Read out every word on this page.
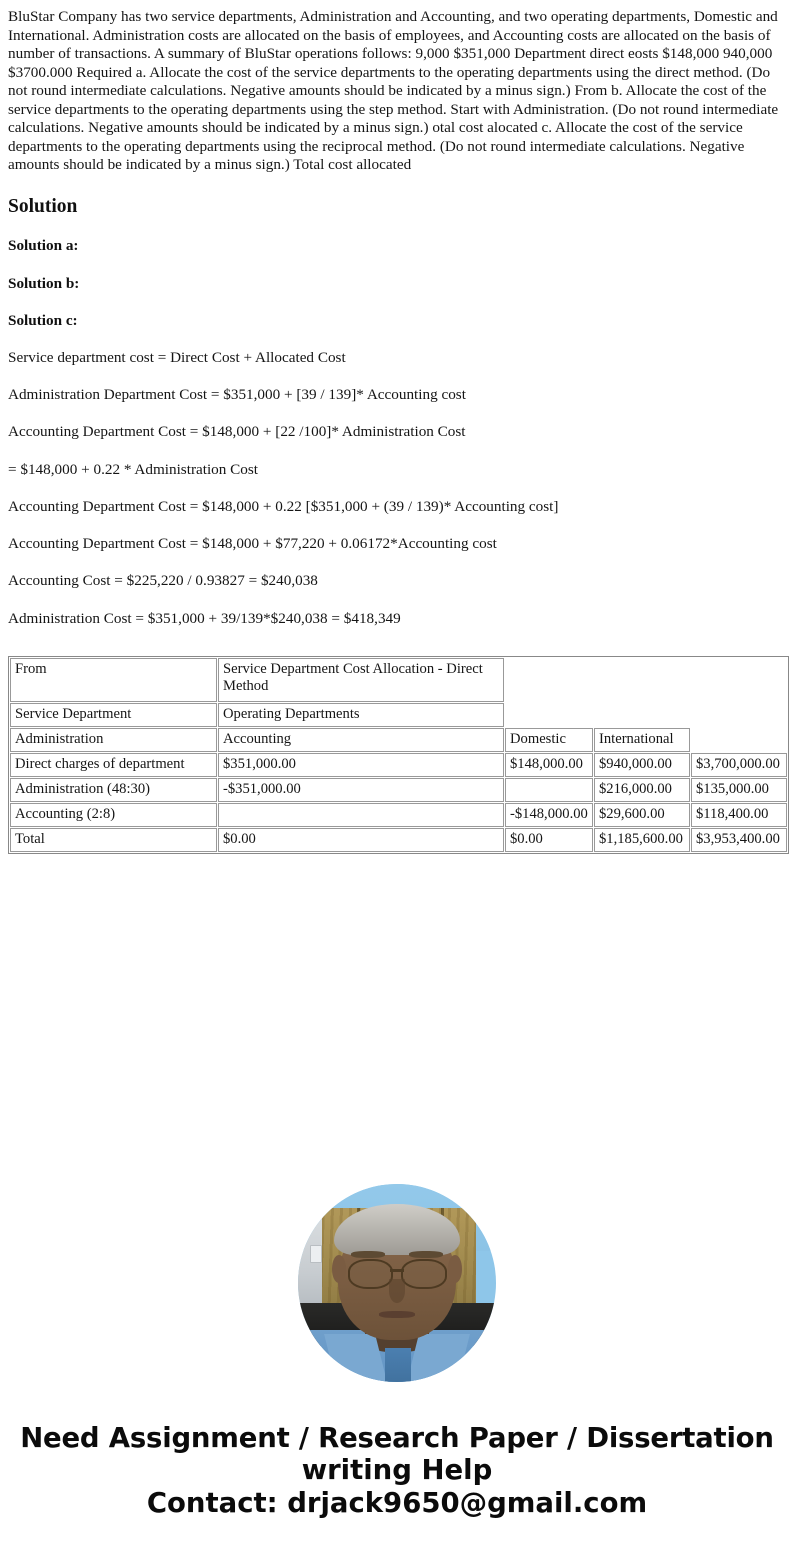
BluStar Company has two service departments, Administration and Accounting, and two operating departments, Domestic and International. Administration costs are allocated on the basis of employees, and Accounting costs are allocated on the basis of number of transactions. A summary of BluStar operations follows: 9,000 $351,000 Department direct eosts $148,000 940,000 $3700.000 Required a. Allocate the cost of the service departments to the operating departments using the direct method. (Do not round intermediate calculations. Negative amounts should be indicated by a minus sign.) From b. Allocate the cost of the service departments to the operating departments using the step method. Start with Administration. (Do not round intermediate calculations. Negative amounts should be indicated by a minus sign.) otal cost alocated c. Allocate the cost of the service departments to the operating departments using the reciprocal method. (Do not round intermediate calculations. Negative amounts should be indicated by a minus sign.) Total cost allocated

Solution

Solution a:

Solution b:

Solution c:

Service department cost = Direct Cost + Allocated Cost

Administration Department Cost = $351,000 + [39 / 139]* Accounting cost

Accounting Department Cost = $148,000 + [22 /100]* Administration Cost

= $148,000 + 0.22 * Administration Cost

Accounting Department Cost = $148,000 + 0.22 [$351,000 + (39 / 139)* Accounting cost]

Accounting Department Cost = $148,000 + $77,220 + 0.06172*Accounting cost

Accounting Cost = $225,220 / 0.93827 = $240,038

Administration Cost = $351,000 + 39/139*$240,038 = $418,349

From	Service Department Cost Allocation - Direct Method			
Service Department	Operating Departments			
Administration	Accounting	Domestic	International	
Direct charges of department	$351,000.00	$148,000.00	$940,000.00	$3,700,000.00
Administration (48:30)	-$351,000.00		$216,000.00	$135,000.00
Accounting (2:8)		-$148,000.00	$29,600.00	$118,400.00
Total	$0.00	$0.00	$1,185,600.00	$3,953,400.00
Need Assignment / Research Paper / Dissertation
writing Help
Contact: drjack9650@gmail.com
